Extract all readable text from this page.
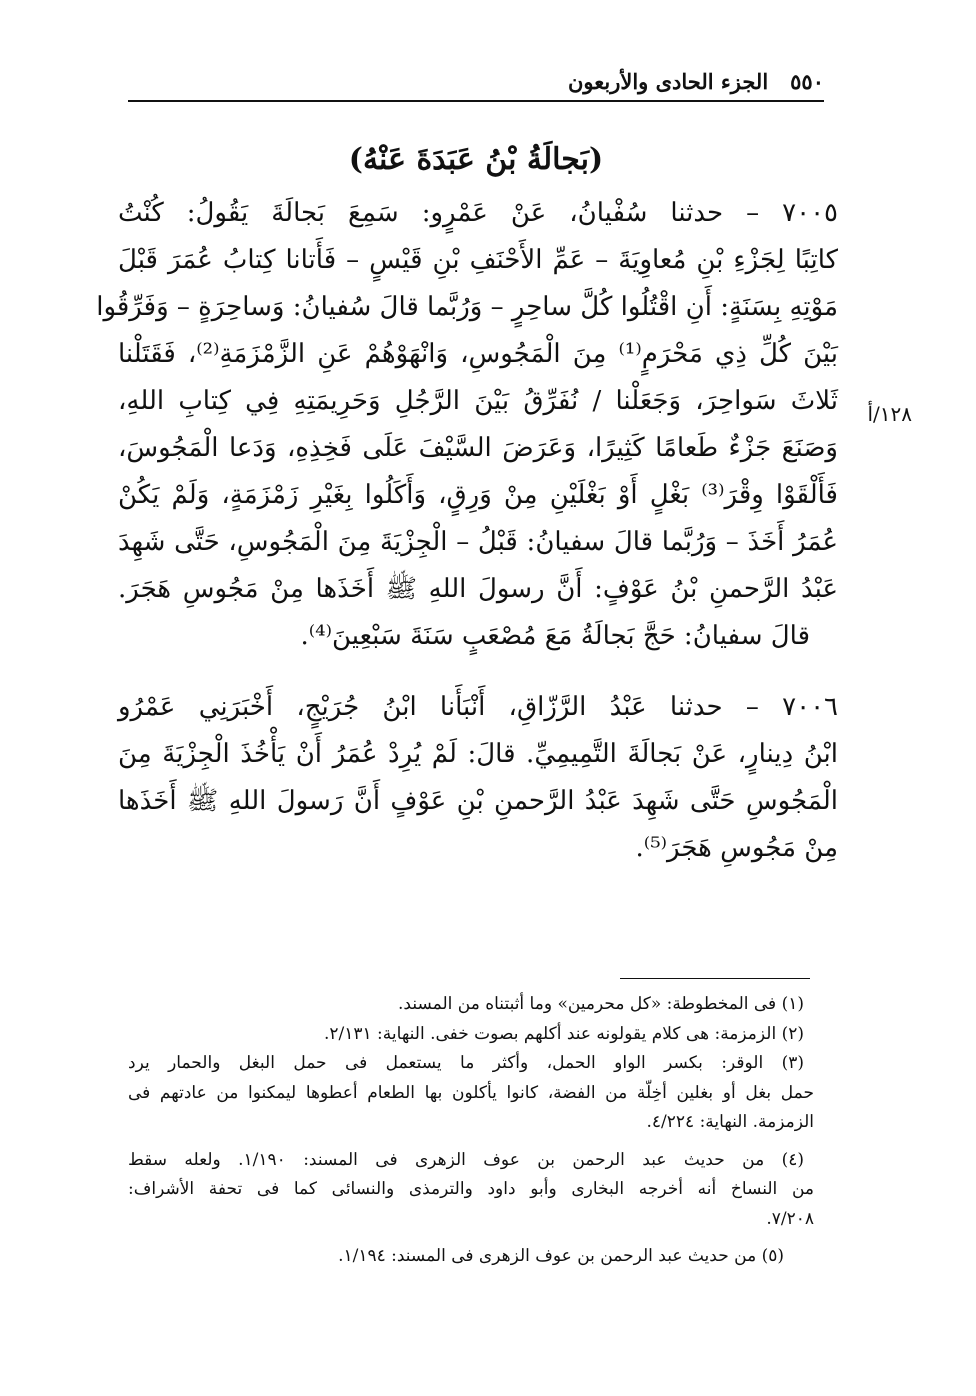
٥٥٠
الجزء الحادى والأربعون
(بَجالَةُ بْنُ عَبَدَةَ عَنْهُ)
١٢٨/أ
٧٠٠٥ – حدثنا سُفْيانُ، عَنْ عَمْرٍو: سَمِعَ بَجالَةَ يَقُولُ: كُنْتُ
كاتِبًا لِجَزْءِ بْنِ مُعاوِيَةَ – عَمِّ الأَحْنَفِ بْنِ قَيْسٍ – فَأَتانا كِتابُ عُمَرَ قَبْلَ
مَوْتِهِ بِسَنَةٍ: أَنِ اقْتُلُوا كُلَّ ساحِرٍ – وَرُبَّما قالَ سُفيانُ: وَساحِرَةٍ – وَفَرِّقُوا
بَيْنَ كُلِّ ذِي مَحْرَمٍ⁽¹⁾ مِنَ الْمَجُوسِ، وَانْهَوْهُمْ عَنِ الزَّمْزَمَةِ⁽²⁾، فَقَتَلْنا
ثَلاثَ سَواحِرَ، وَجَعَلْنا / نُفَرِّقُ بَيْنَ الرَّجُلِ وَحَرِيمَتِهِ فِي كِتابِ اللهِ،
وَصَنَعَ جَزْءٌ طَعامًا كَثِيرًا، وَعَرَضَ السَّيْفَ عَلَى فَخِذِهِ، وَدَعا الْمَجُوسَ،
فَأَلْقَوْا وِقْرَ⁽³⁾ بَغْلٍ أَوْ بَغْلَيْنِ مِنْ وَرِقٍ، وَأَكَلُوا بِغَيْرِ زَمْزَمَةٍ، وَلَمْ يَكُنْ
عُمَرُ أَخَذَ – وَرُبَّما قالَ سفيانُ: قَبْلُ – الْجِزْيَةَ مِنَ الْمَجُوسِ، حَتَّى شَهِدَ
عَبْدُ الرَّحمنِ بْنُ عَوْفٍ: أَنَّ رسولَ اللهِ ﷺ أَخَذَها مِنْ مَجُوسِ هَجَرَ.
قالَ سفيانُ: حَجَّ بَجالَةُ مَعَ مُصْعَبٍ سَنَةَ سَبْعِينَ⁽⁴⁾.
٧٠٠٦ – حدثنا عَبْدُ الرَّزّاقِ، أَنْبَأَنا ابْنُ جُرَيْجٍ، أَخْبَرَنِي عَمْرُو
ابْنُ دِينارٍ، عَنْ بَجالَةَ التَّمِيمِيِّ. قالَ: لَمْ يُرِدْ عُمَرُ أَنْ يَأْخُذَ الْجِزْيَةَ مِنَ
الْمَجُوسِ حَتَّى شَهِدَ عَبْدُ الرَّحمنِ بْنِ عَوْفٍ أَنَّ رَسولَ اللهِ ﷺ أَخَذَها
مِنْ مَجُوسِ هَجَرَ⁽⁵⁾.
(١) فى المخطوطة: «كل محرمين» وما أثبتناه من المسند.
(٢) الزمزمة: هى كلام يقولونه عند أكلهم بصوت خفى. النهاية: ٢/١٣١.
(٣) الوقر: بكسر الواو الحمل، وأكثر ما يستعمل فى حمل البغل والحمار يرد
حمل بغل أو بغلين أخِلّة من الفضة، كانوا يأكلون بها الطعام أعطوها ليمكنوا من عادتهم فى
الزمزمة. النهاية: ٤/٢٢٤.
(٤) من حديث عبد الرحمن بن عوف الزهرى فى المسند: ١/١٩٠. ولعله سقط
من النساخ أنه أخرجه البخارى وأبو داود والترمذى والنسائى كما فى تحفة الأشراف:
٧/٢٠٨.
(٥) من حديث عبد الرحمن بن عوف الزهرى فى المسند: ١/١٩٤.
